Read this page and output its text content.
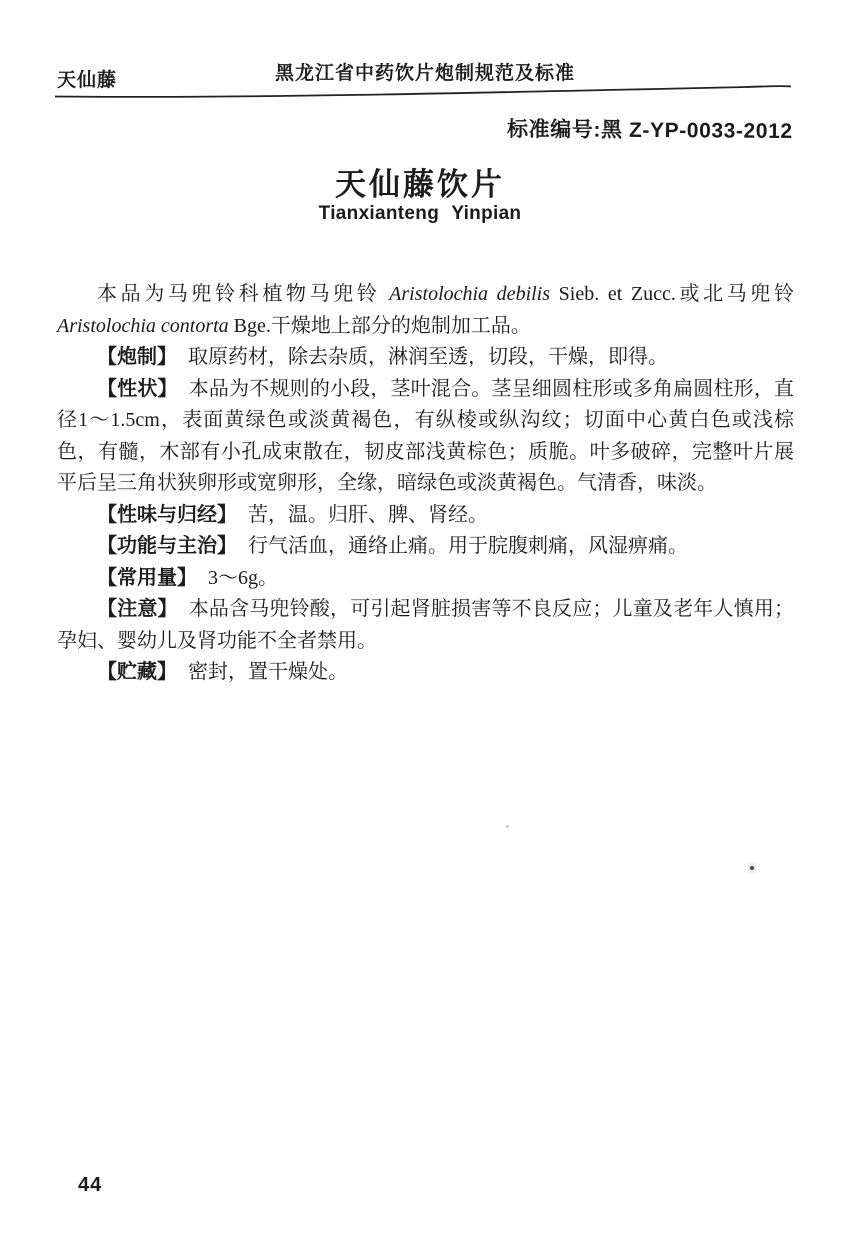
天仙藤	黑龙江省中药饮片炮制规范及标准
标准编号:黑 Z-YP-0033-2012
天仙藤饮片
Tianxianteng Yinpian

本品为马兜铃科植物马兜铃 Aristolochia debilis Sieb. et Zucc.或北马兜铃 Aristolochia contorta Bge.干燥地上部分的炮制加工品。

【炮制】 取原药材，除去杂质，淋润至透，切段，干燥，即得。

【性状】 本品为不规则的小段，茎叶混合。茎呈细圆柱形或多角扁圆柱形，直径1～1.5cm，表面黄绿色或淡黄褐色，有纵棱或纵沟纹；切面中心黄白色或浅棕色，有髓，木部有小孔成束散在，韧皮部浅黄棕色；质脆。叶多破碎，完整叶片展平后呈三角状狭卵形或宽卵形，全缘，暗绿色或淡黄褐色。气清香，味淡。

【性味与归经】 苦，温。归肝、脾、肾经。

【功能与主治】 行气活血，通络止痛。用于脘腹刺痛，风湿痹痛。

【常用量】 3～6g。

【注意】 本品含马兜铃酸，可引起肾脏损害等不良反应；儿童及老年人慎用；孕妇、婴幼儿及肾功能不全者禁用。

【贮藏】 密封，置干燥处。

44
